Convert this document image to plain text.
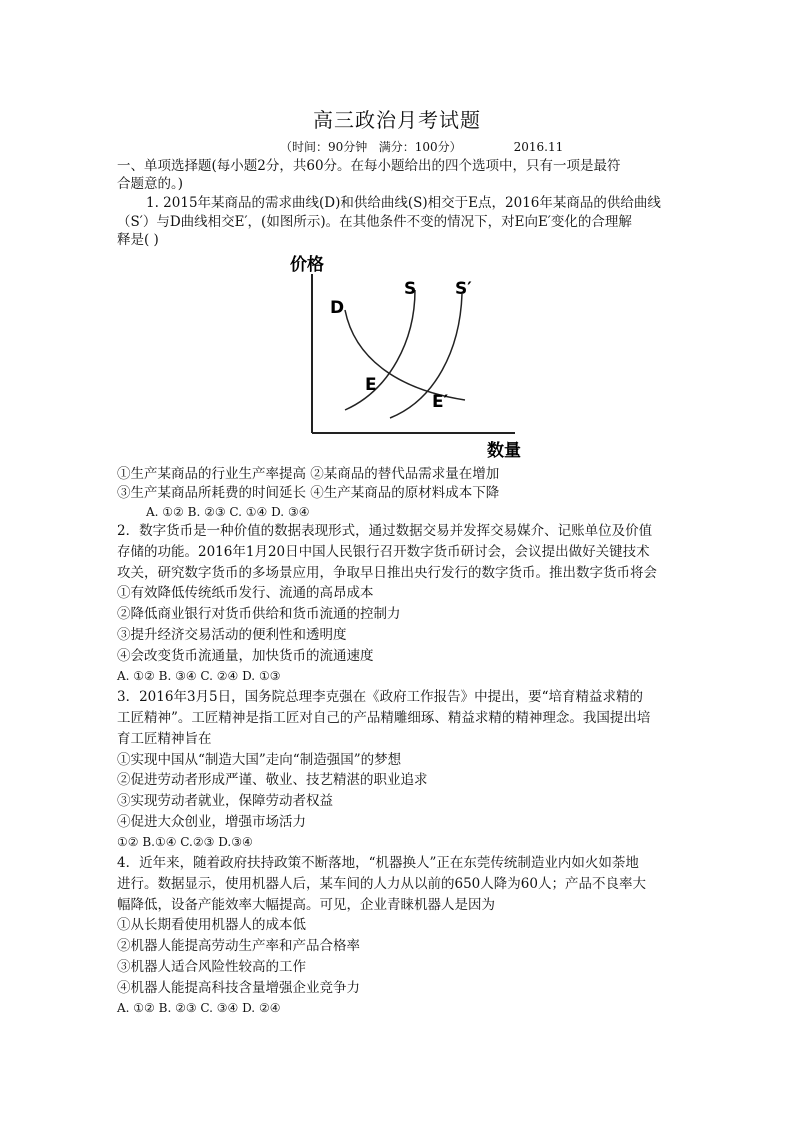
高三政治月考试题
（时间：90分钟   满分：100分）	2016.11
一、单项选择题(每小题2分，共60分。在每小题给出的四个选项中，只有一项是最符
合题意的。)
1. 2015年某商品的需求曲线(D)和供给曲线(S)相交于E点，2016年某商品的供给曲线
（S′）与D曲线相交E′，(如图所示)。在其他条件不变的情况下，对E向E′变化的合理解
释是( )
价格
数量
D
S S′
E
E′
①生产某商品的行业生产率提高 ②某商品的替代品需求量在增加
③生产某商品所耗费的时间延长 ④生产某商品的原材料成本下降
A. ①② B. ②③ C. ①④ D. ③④
2．数字货币是一种价值的数据表现形式，通过数据交易并发挥交易媒介、记账单位及价值
存储的功能。2016年1月20日中国人民银行召开数字货币研讨会，会议提出做好关键技术
攻关，研究数字货币的多场景应用，争取早日推出央行发行的数字货币。推出数字货币将会
①有效降低传统纸币发行、流通的高昂成本
②降低商业银行对货币供给和货币流通的控制力
③提升经济交易活动的便利性和透明度
④会改变货币流通量，加快货币的流通速度
A. ①② B. ③④ C. ②④ D. ①③
3．2016年3月5日，国务院总理李克强在《政府工作报告》中提出，要“培育精益求精的
工匠精神”。工匠精神是指工匠对自己的产品精雕细琢、精益求精的精神理念。我国提出培
育工匠精神旨在
①实现中国从“制造大国”走向“制造强国”的梦想
②促进劳动者形成严谨、敬业、技艺精湛的职业追求
③实现劳动者就业，保障劳动者权益
④促进大众创业，增强市场活力
①② B.①④ C.②③ D.③④
4．近年来，随着政府扶持政策不断落地，“机器换人”正在东莞传统制造业内如火如荼地
进行。数据显示，使用机器人后，某车间的人力从以前的650人降为60人；产品不良率大
幅降低，设备产能效率大幅提高。可见，企业青睐机器人是因为
①从长期看使用机器人的成本低
②机器人能提高劳动生产率和产品合格率
③机器人适合风险性较高的工作
④机器人能提高科技含量增强企业竞争力
A. ①② B. ②③ C. ③④ D. ②④
